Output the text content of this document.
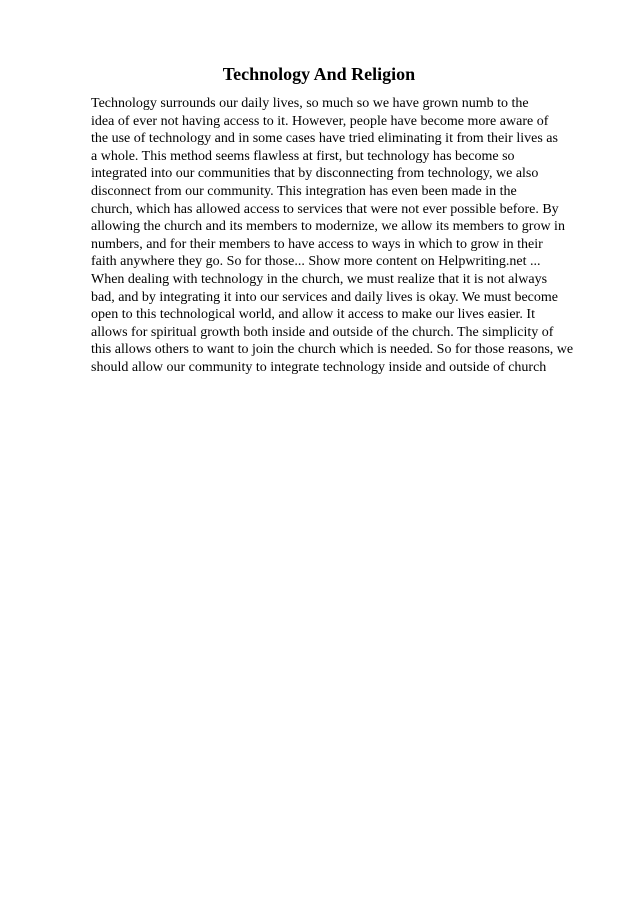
Technology And Religion
Technology surrounds our daily lives, so much so we have grown numb to the
idea of ever not having access to it. However, people have become more aware of
the use of technology and in some cases have tried eliminating it from their lives as
a whole. This method seems flawless at first, but technology has become so
integrated into our communities that by disconnecting from technology, we also
disconnect from our community. This integration has even been made in the
church, which has allowed access to services that were not ever possible before. By
allowing the church and its members to modernize, we allow its members to grow in
numbers, and for their members to have access to ways in which to grow in their
faith anywhere they go. So for those... Show more content on Helpwriting.net ...
When dealing with technology in the church, we must realize that it is not always
bad, and by integrating it into our services and daily lives is okay. We must become
open to this technological world, and allow it access to make our lives easier. It
allows for spiritual growth both inside and outside of the church. The simplicity of
this allows others to want to join the church which is needed. So for those reasons, we
should allow our community to integrate technology inside and outside of church
